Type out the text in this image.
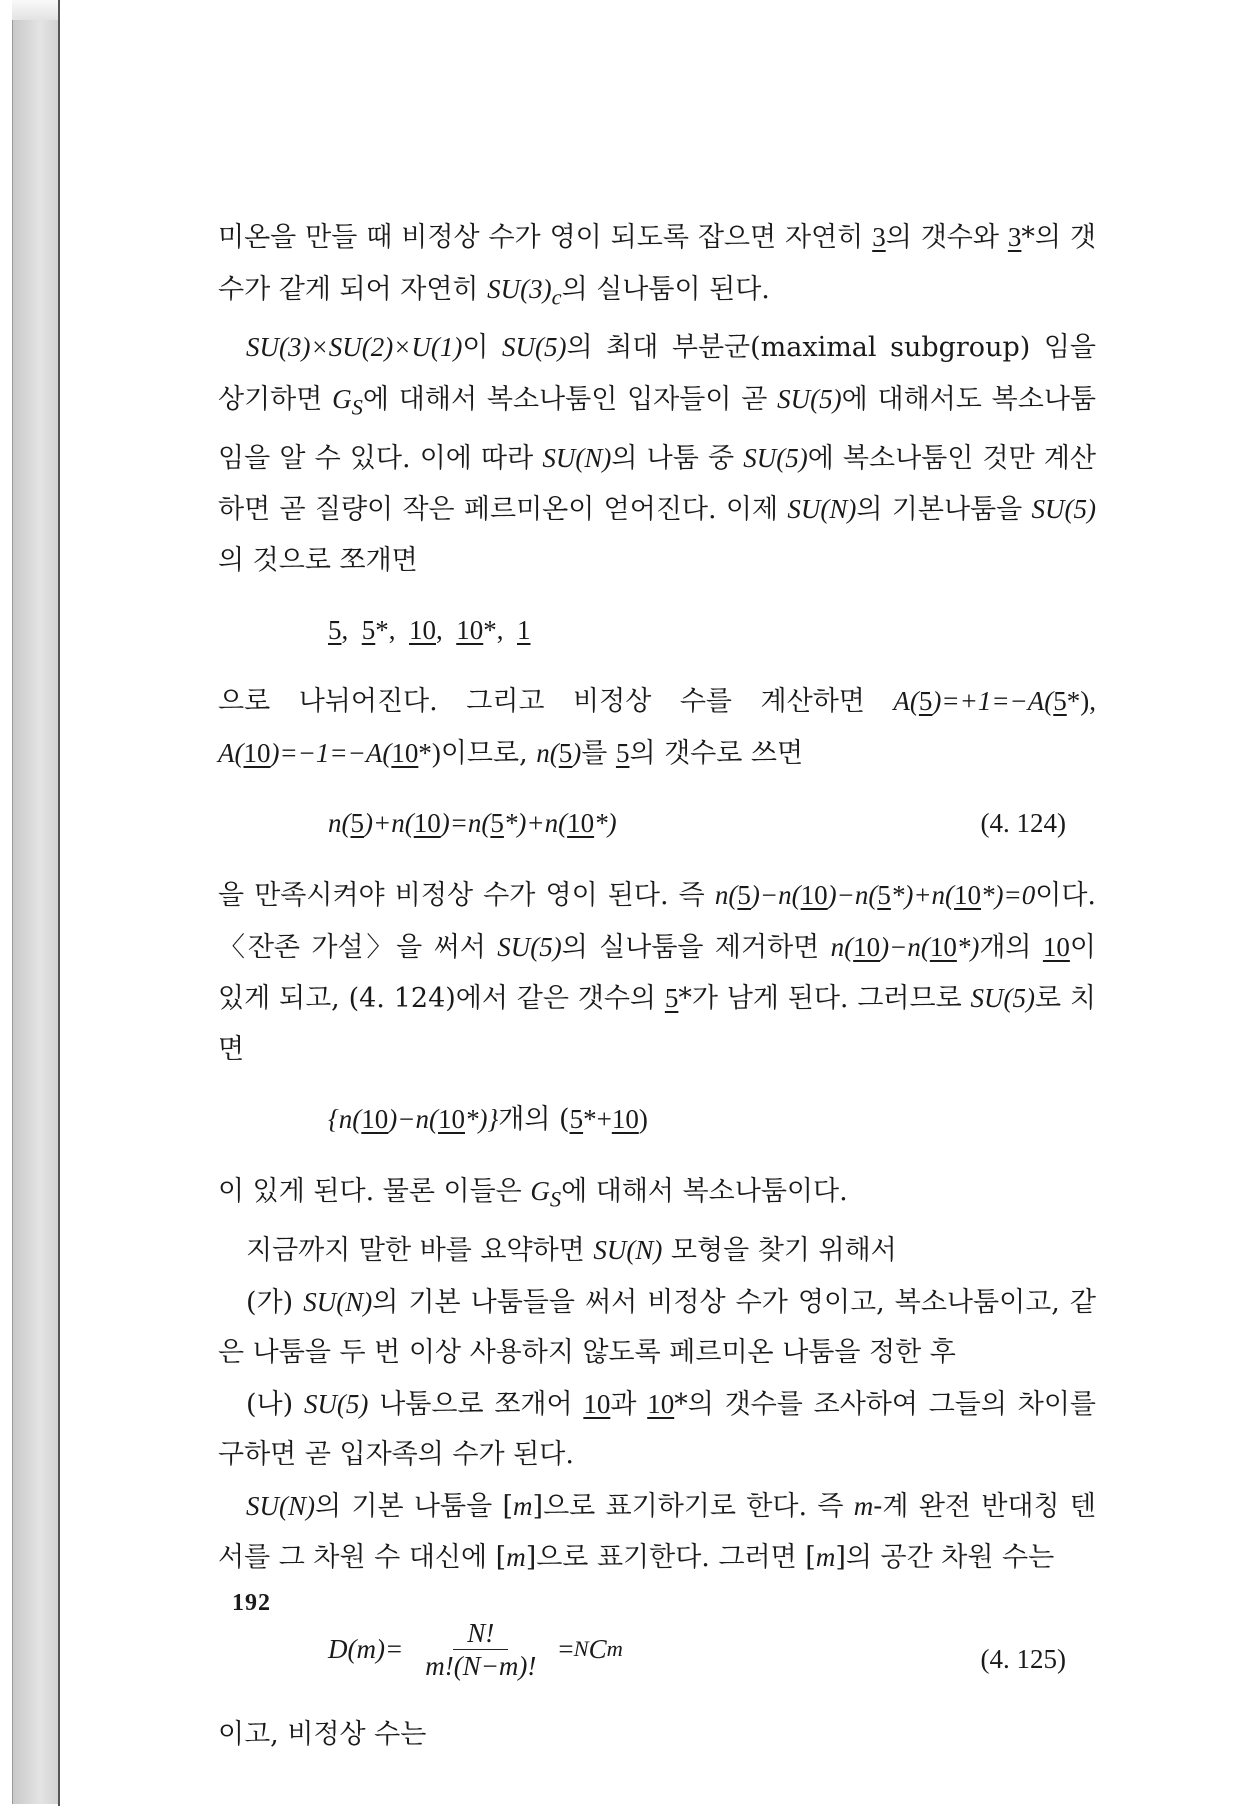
미온을 만들 때 비정상 수가 영이 되도록 잡으면 자연히 3의 갯수와 3*의 갯수가 같게 되어 자연히 $SU(3)_c$의 실나툼이 된다.

SU(3)×SU(2)×U(1)이 SU(5)의 최대 부분군(maximal subgroup) 임을 상기하면 $G_S$에 대해서 복소나툼인 입자들이 곧 SU(5)에 대해서도 복소나툼임을 알 수 있다. 이에 따라 SU(N)의 나툼 중 SU(5)에 복소나툼인 것만 계산하면 곧 질량이 작은 페르미온이 얻어진다. 이제 SU(N)의 기본나툼을 SU(5)의 것으로 쪼개면

5,  5*, 10,  10*, 1

으로 나뉘어진다. 그리고 비정상 수를 계산하면 A(5)=+1=−A(5*), A(10)=−1=−A(10*)이므로, n(5)를 5의 갯수로 쓰면

n(5)+n(10)=n(5*)+n(10*)	(4. 124)

을 만족시켜야 비정상 수가 영이 된다. 즉 n(5)−n(10)−n(5*)+n(10*)=0이다. 〈잔존 가설〉을 써서 SU(5)의 실나툼을 제거하면 n(10)−n(10*)개의 10이 있게 되고, (4. 124)에서 같은 갯수의 5*가 남게 된다. 그러므로 SU(5)로 치면

{n(10)−n(10*)}개의 (5*+10)

이 있게 된다. 물론 이들은 $G_S$에 대해서 복소나툼이다.

지금까지 말한 바를 요약하면 SU(N) 모형을 찾기 위해서

(가) SU(N)의 기본 나툼들을 써서 비정상 수가 영이고, 복소나툼이고, 같은 나툼을 두 번 이상 사용하지 않도록 페르미온 나툼을 정한 후

(나) SU(5) 나툼으로 쪼개어 10과 10*의 갯수를 조사하여 그들의 차이를 구하면 곧 입자족의 수가 된다.

SU(N)의 기본 나툼을 [m]으로 표기하기로 한다. 즉 m-계 완전 반대칭 텐서를 그 차원 수 대신에 [m]으로 표기한다. 그러면 [m]의 공간 차원 수는

$D(m)= \frac{N!}{m!(N-m)!} = N$ C m	(4. 125)

이고, 비정상 수는

192
